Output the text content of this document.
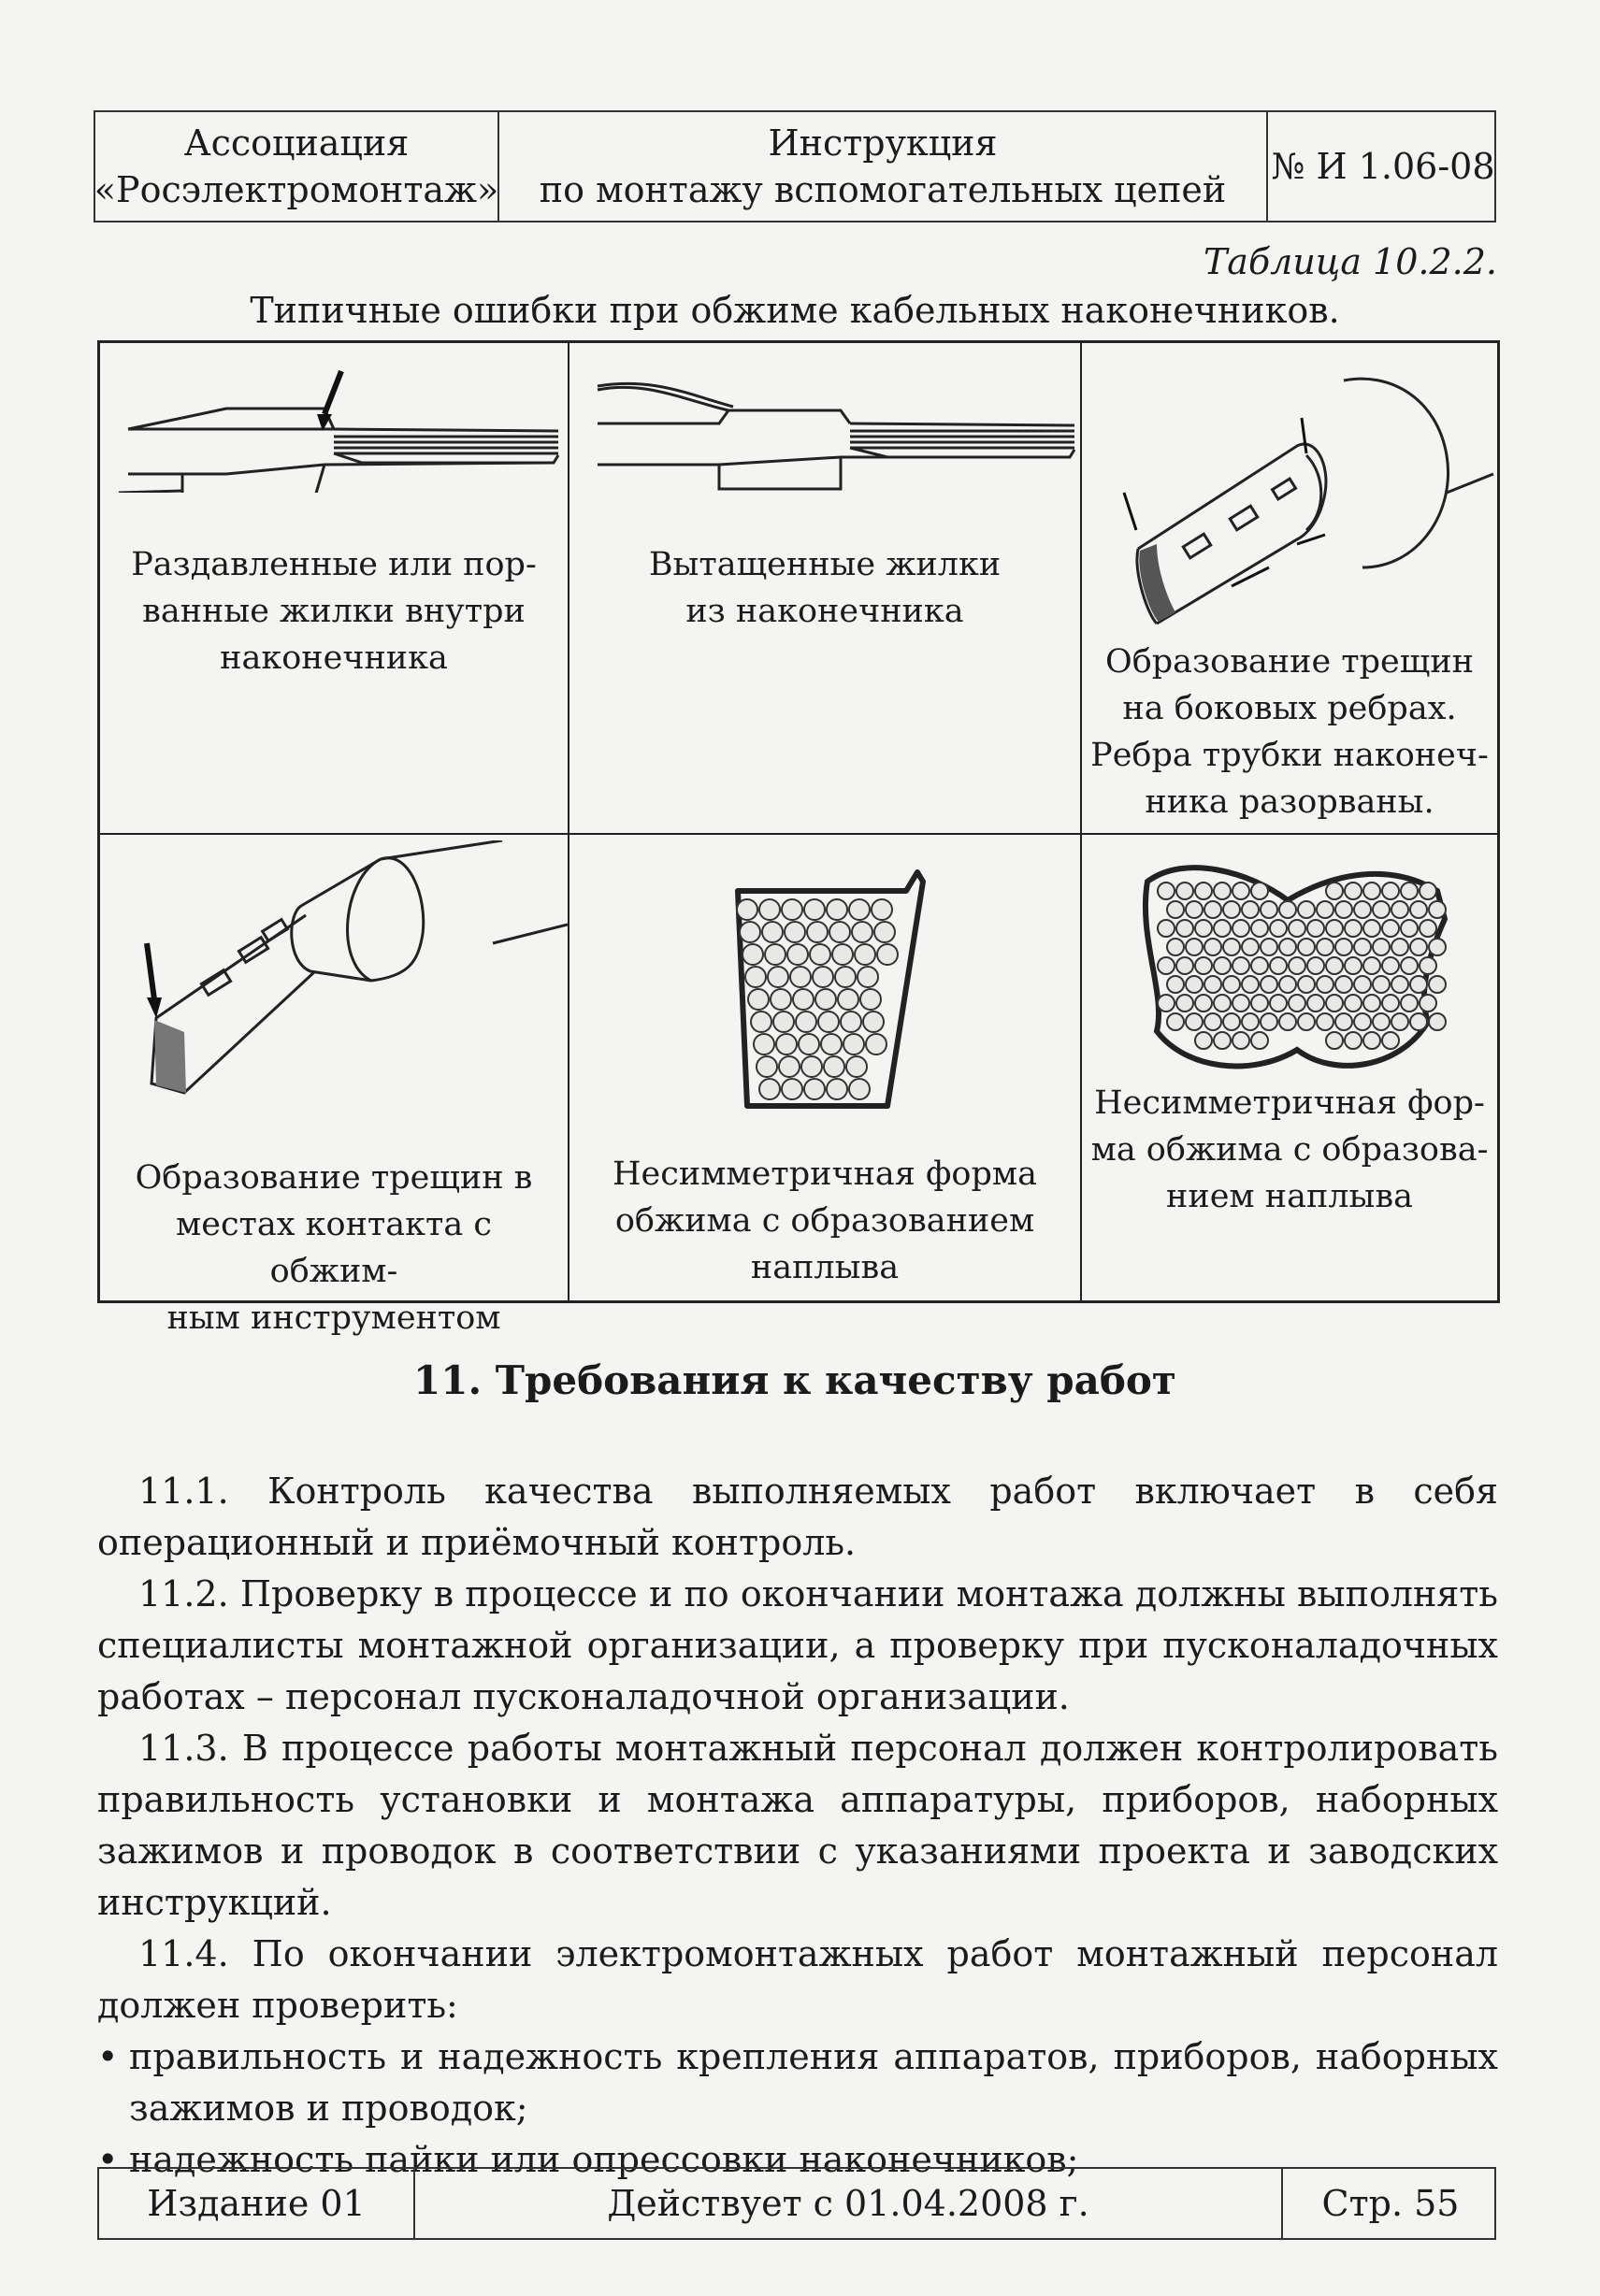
Ассоциация
«Росэлектромонтаж»
Инструкция
по монтажу вспомогательных цепей
№ И 1.06-08
Таблица 10.2.2.
Типичные ошибки при обжиме кабельных наконечников.
Раздавленные или пор-
ванные жилки внутри
наконечника
Вытащенные жилки
из наконечника
Образование трещин
на боковых ребрах.
Ребра трубки наконеч-
ника разорваны.
Образование трещин в
местах контакта с обжим-
ным инструментом
Несимметричная форма
обжима с образованием
наплыва
Несимметричная фор-
ма обжима с образова-
нием наплыва
11. Требования к качеству работ

11.1. Контроль качества выполняемых работ включает в себя операционный и приёмочный контроль.

11.2. Проверку в процессе и по окончании монтажа должны выполнять специалисты монтажной организации, а проверку при пусконаладочных работах – персонал пусконаладочной организации.

11.3. В процессе работы монтажный персонал должен контролировать правильность установки и монтажа аппаратуры, приборов, наборных зажимов и проводок в соответствии с указаниями проекта и заводских инструкций.

11.4. По окончании электромонтажных работ монтажный персонал должен проверить:

• правильность и надежность крепления аппаратов, приборов, наборных зажимов и проводок;
• надежность пайки или опрессовки наконечников;
Издание 01	Действует с 01.04.2008 г.	Стр. 55
